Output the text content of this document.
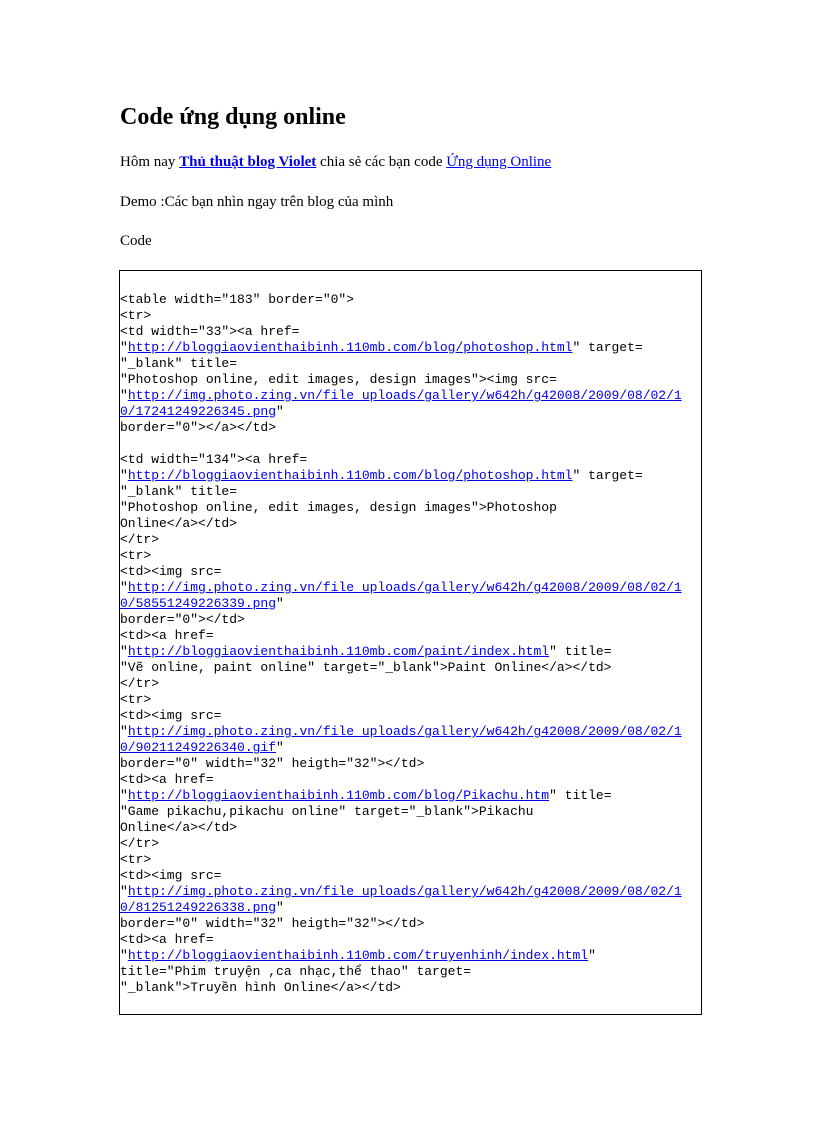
Code ứng dụng online

Hôm nay Thủ thuật blog Violet chia sẻ các bạn code Ứng dụng Online

Demo :Các bạn nhìn ngay trên blog của mình

Code

<table width="183" border="0">
<tr>
<td width="33"><a href=
"http://bloggiaovienthaibinh.110mb.com/blog/photoshop.html" target=
"_blank" title=
"Photoshop online, edit images, design images"><img src=
"http://img.photo.zing.vn/file_uploads/gallery/w642h/g42008/2009/08/02/1
0/17241249226345.png"
border="0"></a></td>
<td width="134"><a href=
"http://bloggiaovienthaibinh.110mb.com/blog/photoshop.html" target=
"_blank" title=
"Photoshop online, edit images, design images">Photoshop
Online</a></td>
</tr>
<tr>
<td><img src=
"http://img.photo.zing.vn/file_uploads/gallery/w642h/g42008/2009/08/02/1
0/58551249226339.png"
border="0"></td>
<td><a href=
"http://bloggiaovienthaibinh.110mb.com/paint/index.html" title=
"Vẽ online, paint online" target="_blank">Paint Online</a></td>
</tr>
<tr>
<td><img src=
"http://img.photo.zing.vn/file_uploads/gallery/w642h/g42008/2009/08/02/1
0/90211249226340.gif"
border="0" width="32" heigth="32"></td>
<td><a href=
"http://bloggiaovienthaibinh.110mb.com/blog/Pikachu.htm" title=
"Game pikachu,pikachu online" target="_blank">Pikachu
Online</a></td>
</tr>
<tr>
<td><img src=
"http://img.photo.zing.vn/file_uploads/gallery/w642h/g42008/2009/08/02/1
0/81251249226338.png"
border="0" width="32" heigth="32"></td>
<td><a href=
"http://bloggiaovienthaibinh.110mb.com/truyenhinh/index.html"
title="Phim truyện ,ca nhạc,thể thao" target=
"_blank">Truyền hình Online</a></td>
